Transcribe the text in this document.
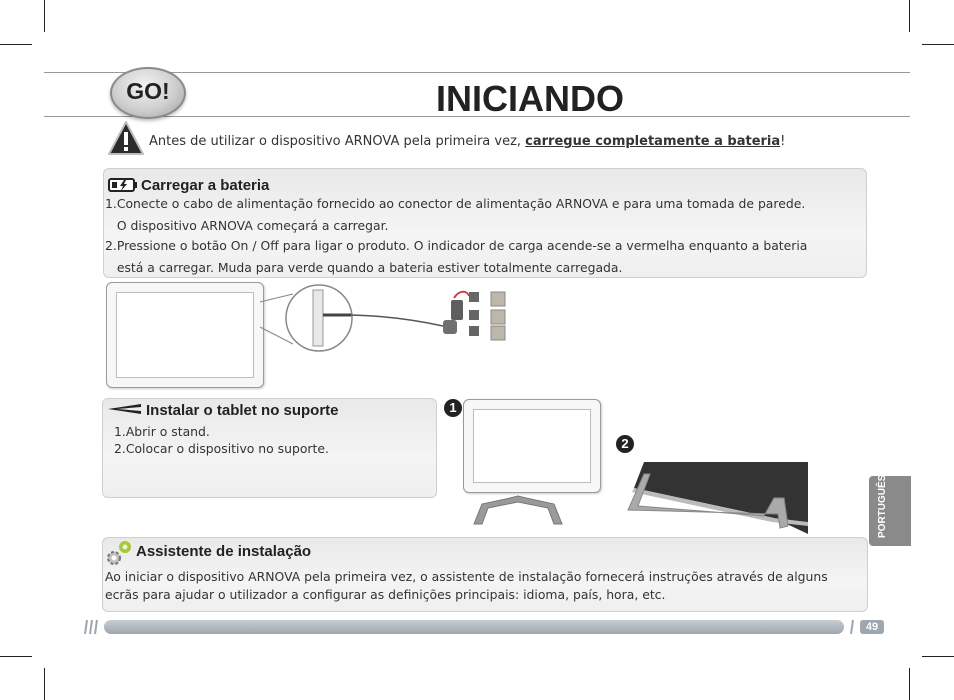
GO!	INICIANDO
Antes de utilizar o dispositivo ARNOVA pela primeira vez, carregue completamente a bateria!
Carregar a bateria
1.Conecte o cabo de alimentação fornecido ao conector de alimentação ARNOVA e para uma tomada de parede.
O dispositivo ARNOVA começará a carregar.
2.Pressione o botão On / Off para ligar o produto. O indicador de carga acende-se a vermelha enquanto a bateria
está a carregar. Muda para verde quando a bateria estiver totalmente carregada.
Instalar o tablet no suporte
1.Abrir o stand.
2.Colocar o dispositivo no suporte.
1
2
Assistente de instalação
Ao iniciar o dispositivo ARNOVA pela primeira vez, o assistente de instalação fornecerá instruções através de alguns
ecrãs para ajudar o utilizador a configurar as definições principais: idioma, país, hora, etc.
PORTUGUÊS
49
